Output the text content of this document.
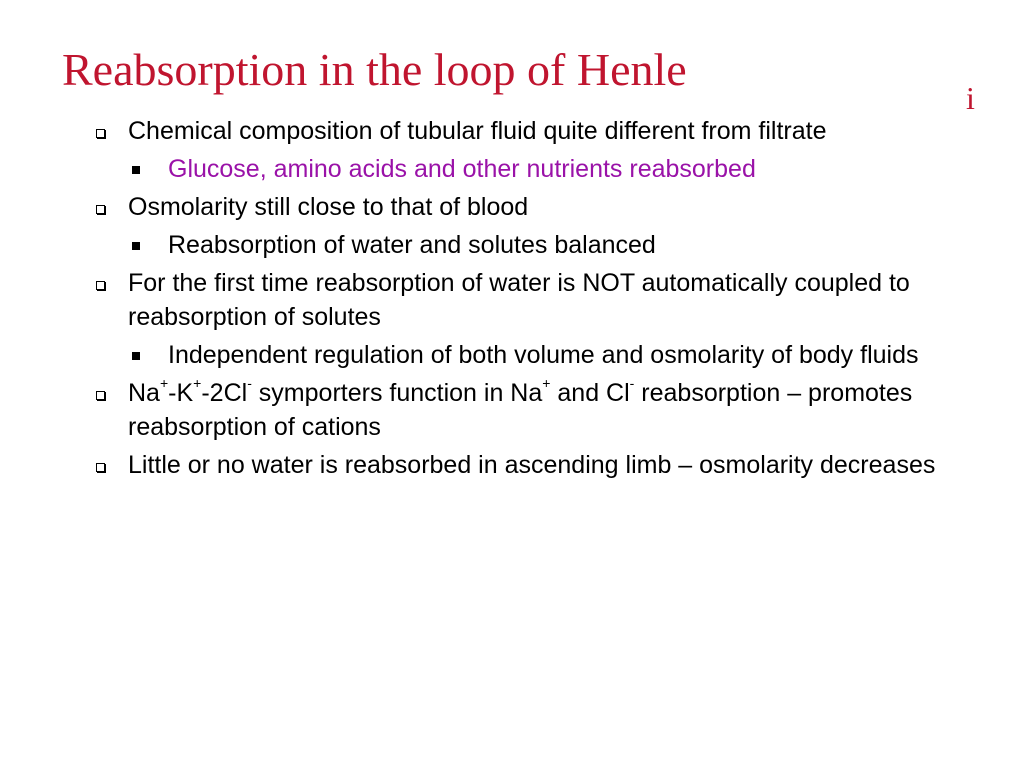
Reabsorption in the loop of Henle
i
Chemical composition of tubular fluid quite different from filtrate
Glucose, amino acids and other nutrients reabsorbed
Osmolarity still close to that of blood
Reabsorption of water and solutes balanced
For the first time reabsorption of water is NOT automatically coupled to reabsorption of solutes
Independent regulation of both volume and osmolarity of body fluids
Na+-K+-2Cl- symporters function in Na+ and Cl- reabsorption – promotes reabsorption of cations
Little or no water is reabsorbed in ascending limb – osmolarity decreases
